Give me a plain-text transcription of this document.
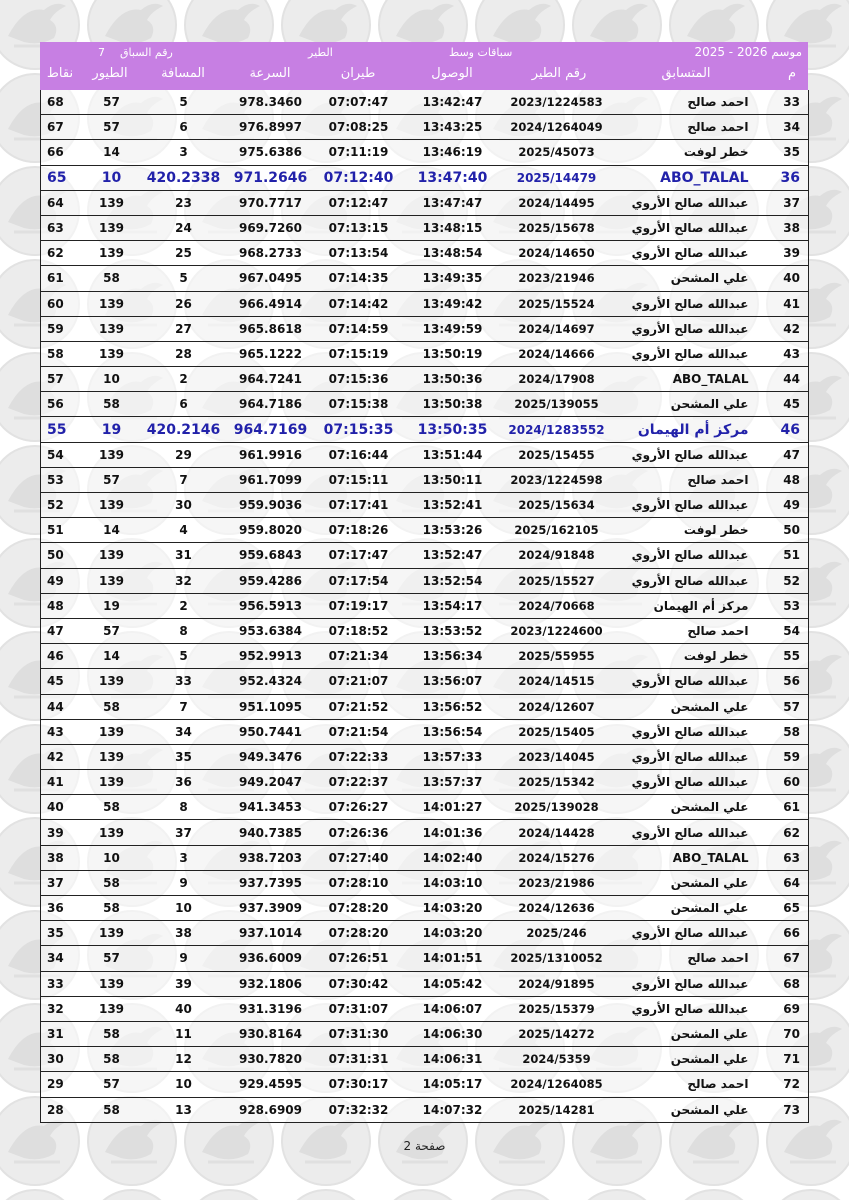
موسم 2026 - 2025
سباقات وسط
الطير
7 رقم السباق
م
المتسابق
رقم الطير
الوصول
طيران
السرعة
المسافة
الطيور
نقاط
68	57	5	978.3460	07:07:47	13:42:47	2023/1224583	احمد صالح	33
67	57	6	976.8997	07:08:25	13:43:25	2024/1264049	احمد صالح	34
66	14	3	975.6386	07:11:19	13:46:19	2025/45073	خطر لوفت	35
65	10	420.2338	971.2646	07:12:40	13:47:40	2025/14479	ABO_TALAL	36
64	139	23	970.7717	07:12:47	13:47:47	2024/14495	عبدالله صالح الأروي	37
63	139	24	969.7260	07:13:15	13:48:15	2025/15678	عبدالله صالح الأروي	38
62	139	25	968.2733	07:13:54	13:48:54	2024/14650	عبدالله صالح الأروي	39
61	58	5	967.0495	07:14:35	13:49:35	2023/21946	علي المشحن	40
60	139	26	966.4914	07:14:42	13:49:42	2025/15524	عبدالله صالح الأروي	41
59	139	27	965.8618	07:14:59	13:49:59	2024/14697	عبدالله صالح الأروي	42
58	139	28	965.1222	07:15:19	13:50:19	2024/14666	عبدالله صالح الأروي	43
57	10	2	964.7241	07:15:36	13:50:36	2024/17908	ABO_TALAL	44
56	58	6	964.7186	07:15:38	13:50:38	2025/139055	علي المشحن	45
55	19	420.2146	964.7169	07:15:35	13:50:35	2024/1283552	مركز أم الهيمان	46
54	139	29	961.9916	07:16:44	13:51:44	2025/15455	عبدالله صالح الأروي	47
53	57	7	961.7099	07:15:11	13:50:11	2023/1224598	احمد صالح	48
52	139	30	959.9036	07:17:41	13:52:41	2025/15634	عبدالله صالح الأروي	49
51	14	4	959.8020	07:18:26	13:53:26	2025/162105	خطر لوفت	50
50	139	31	959.6843	07:17:47	13:52:47	2024/91848	عبدالله صالح الأروي	51
49	139	32	959.4286	07:17:54	13:52:54	2025/15527	عبدالله صالح الأروي	52
48	19	2	956.5913	07:19:17	13:54:17	2024/70668	مركز أم الهيمان	53
47	57	8	953.6384	07:18:52	13:53:52	2023/1224600	احمد صالح	54
46	14	5	952.9913	07:21:34	13:56:34	2025/55955	خطر لوفت	55
45	139	33	952.4324	07:21:07	13:56:07	2024/14515	عبدالله صالح الأروي	56
44	58	7	951.1095	07:21:52	13:56:52	2024/12607	علي المشحن	57
43	139	34	950.7441	07:21:54	13:56:54	2025/15405	عبدالله صالح الأروي	58
42	139	35	949.3476	07:22:33	13:57:33	2023/14045	عبدالله صالح الأروي	59
41	139	36	949.2047	07:22:37	13:57:37	2025/15342	عبدالله صالح الأروي	60
40	58	8	941.3453	07:26:27	14:01:27	2025/139028	علي المشحن	61
39	139	37	940.7385	07:26:36	14:01:36	2024/14428	عبدالله صالح الأروي	62
38	10	3	938.7203	07:27:40	14:02:40	2024/15276	ABO_TALAL	63
37	58	9	937.7395	07:28:10	14:03:10	2023/21986	علي المشحن	64
36	58	10	937.3909	07:28:20	14:03:20	2024/12636	علي المشحن	65
35	139	38	937.1014	07:28:20	14:03:20	2025/246	عبدالله صالح الأروي	66
34	57	9	936.6009	07:26:51	14:01:51	2025/1310052	احمد صالح	67
33	139	39	932.1806	07:30:42	14:05:42	2024/91895	عبدالله صالح الأروي	68
32	139	40	931.3196	07:31:07	14:06:07	2025/15379	عبدالله صالح الأروي	69
31	58	11	930.8164	07:31:30	14:06:30	2025/14272	علي المشحن	70
30	58	12	930.7820	07:31:31	14:06:31	2024/5359	علي المشحن	71
29	57	10	929.4595	07:30:17	14:05:17	2024/1264085	احمد صالح	72
28	58	13	928.6909	07:32:32	14:07:32	2025/14281	علي المشحن	73
صفحة 2
